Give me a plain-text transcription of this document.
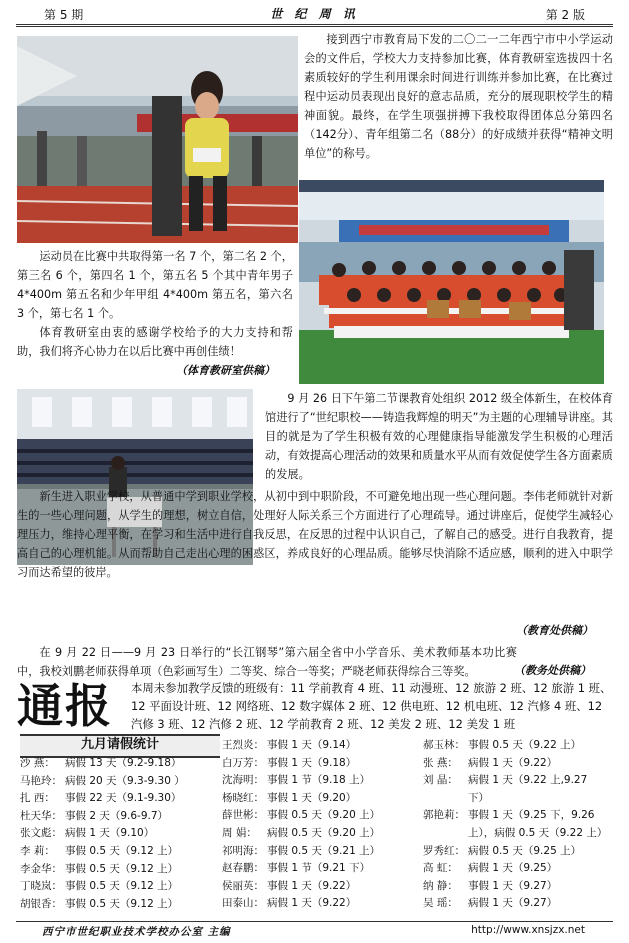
第 5 期	世 纪 周 讯	第 2 版

接到西宁市教育局下发的二〇二一二年西宁市中小学运动会的文件后，学校大力支持参加比赛，体育教研室选拔四十名素质较好的学生利用课余时间进行训练并参加比赛，在比赛过程中运动员表现出良好的意志品质，充分的展现职校学生的精神面貌。最终，在学生项强拼搏下我校取得团体总分第四名（142分）、青年组第二名（88分）的好成绩并获得“精神文明单位”的称号。

运动员在比赛中共取得第一名 7 个，第二名 2 个，第三名 6 个，第四名 1 个，第五名 5 个其中青年男子 4*400m 第五名和少年甲组 4*400m 第五名，第六名 3 个，第七名 1 个。

体育教研室由衷的感谢学校给予的大力支持和帮助，我们将齐心协力在以后比赛中再创佳绩！

（体育教研室供稿）

9 月 26 日下午第二节课教育处组织 2012 级全体新生，在校体育馆进行了“世纪职校——铸造我辉煌的明天”为主题的心理辅导讲座。其目的就是为了学生积极有效的心理健康指导能激发学生积极的心理活动，有效提高心理活动的效果和质量水平从而有效促使学生各方面素质的发展。

新生进入职业学校，从普通中学到职业学校，从初中到中职阶段，不可避免地出现一些心理问题。李伟老师就针对新生的一些心理问题，从学生的理想，树立自信，处理好人际关系三个方面进行了心理疏导。通过讲座后，促使学生减轻心理压力，维持心理平衡，在学习和生活中进行自我反思，在反思的过程中认识自己，了解自己的感受。进行自我教育，提高自己的心理机能。从而帮助自己走出心理的困惑区，养成良好的心理品质。能够尽快消除不适应感，顺利的进入中职学习而达希望的彼岸。

（教育处供稿）

在 9 月 22 日——9 月 23 日举行的“长江钢琴”第六届全省中小学音乐、美术教师基本功比赛中，我校刘鹏老师获得单项（色彩画写生）二等奖、综合一等奖；严晓老师获得综合三等奖。	（教务处供稿）
通报 本周未参加教学反馈的班级有：11 学前教育 4 班、11 动漫班、12 旅游 2 班、12 旅游 1 班、12 平面设计班、12 网络班、12 数字媒体 2 班、12 供电班、12 机电班、12 汽修 4 班、12 汽修 3 班、12 汽修 2 班、12 学前教育 2 班、12 美发 2 班、12 美发 1 班

九月请假统计
沙 燕： 病假 13 天（9.2-9.18）
马艳玲： 病假 20 天（9.3-9.30 ）
扎 西： 事假 22 天（9.1-9.30）
杜天华： 事假 2 天（9.6-9.7）
张文彪： 病假 1 天（9.10）
李 莉： 事假 0.5 天（9.12 上）
李金华： 事假 0.5 天（9.12 上）
丁晓岚： 事假 0.5 天（9.12 上）
胡银香： 事假 0.5 天（9.12 上）
王烈炎： 事假 1 天（9.14）
白万芳： 事假 1 天（9.18）
沈海明： 事假 1 节（9.18 上）
杨晓红： 事假 1 天（9.20）
薛世彬： 事假 0.5 天（9.20 上）
周 娟： 病假 0.5 天（9.20 上）
祁明海： 事假 0.5 天（9.21 上）
赵春鹏： 事假 1 节（9.21 下）
侯丽英： 事假 1 天（9.22）
田泰山： 病假 1 天（9.22）
郝玉林： 事假 0.5 天（9.22 上）
张 燕： 病假 1 天（9.22）
刘 晶： 病假 1 天（9.22 上,9.27
下）
郭艳莉： 事假 1 天（9.25 下，9.26
上），病假 0.5 天（9.22 上）
罗秀红： 病假 0.5 天（9.25 上）
高 虹： 病假 1 天（9.25）
纳 静： 事假 1 天（9.27）
吴 瑶： 病假 1 天（9.27）
西宁市世纪职业技术学校办公室 主编	http://www.xnsjzx.net
